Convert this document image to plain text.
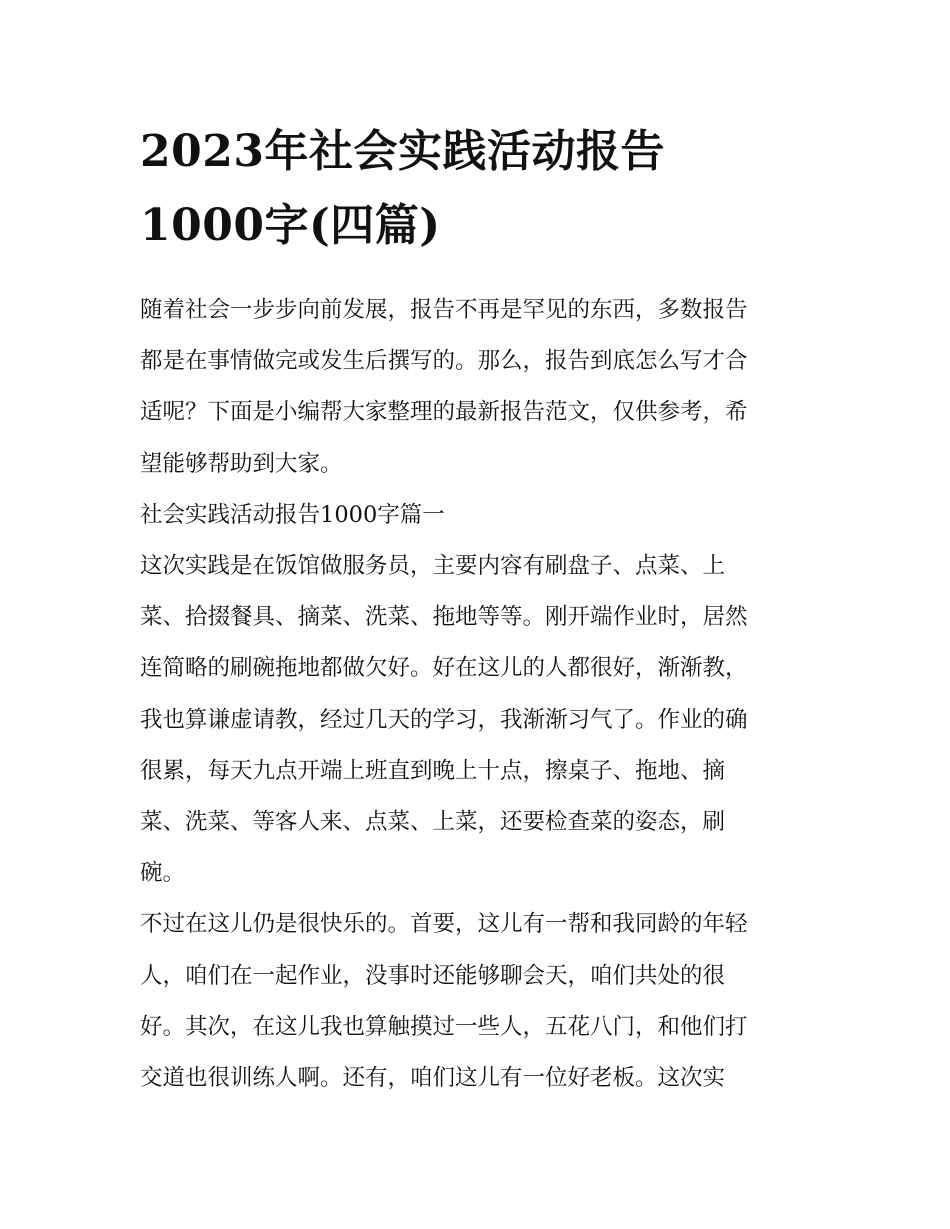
2023年社会实践活动报告
1000字(四篇)

随着社会一步步向前发展，报告不再是罕见的东西，多数报告
都是在事情做完或发生后撰写的。那么，报告到底怎么写才合
适呢？下面是小编帮大家整理的最新报告范文，仅供参考，希
望能够帮助到大家。

社会实践活动报告1000字篇一

这次实践是在饭馆做服务员，主要内容有刷盘子、点菜、上
菜、拾掇餐具、摘菜、洗菜、拖地等等。刚开端作业时，居然
连简略的刷碗拖地都做欠好。好在这儿的人都很好，渐渐教，
我也算谦虚请教，经过几天的学习，我渐渐习气了。作业的确
很累，每天九点开端上班直到晚上十点，擦桌子、拖地、摘
菜、洗菜、等客人来、点菜、上菜，还要检查菜的姿态，刷
碗。

不过在这儿仍是很快乐的。首要，这儿有一帮和我同龄的年轻
人，咱们在一起作业，没事时还能够聊会天，咱们共处的很
好。其次，在这儿我也算触摸过一些人，五花八门，和他们打
交道也很训练人啊。还有，咱们这儿有一位好老板。这次实
